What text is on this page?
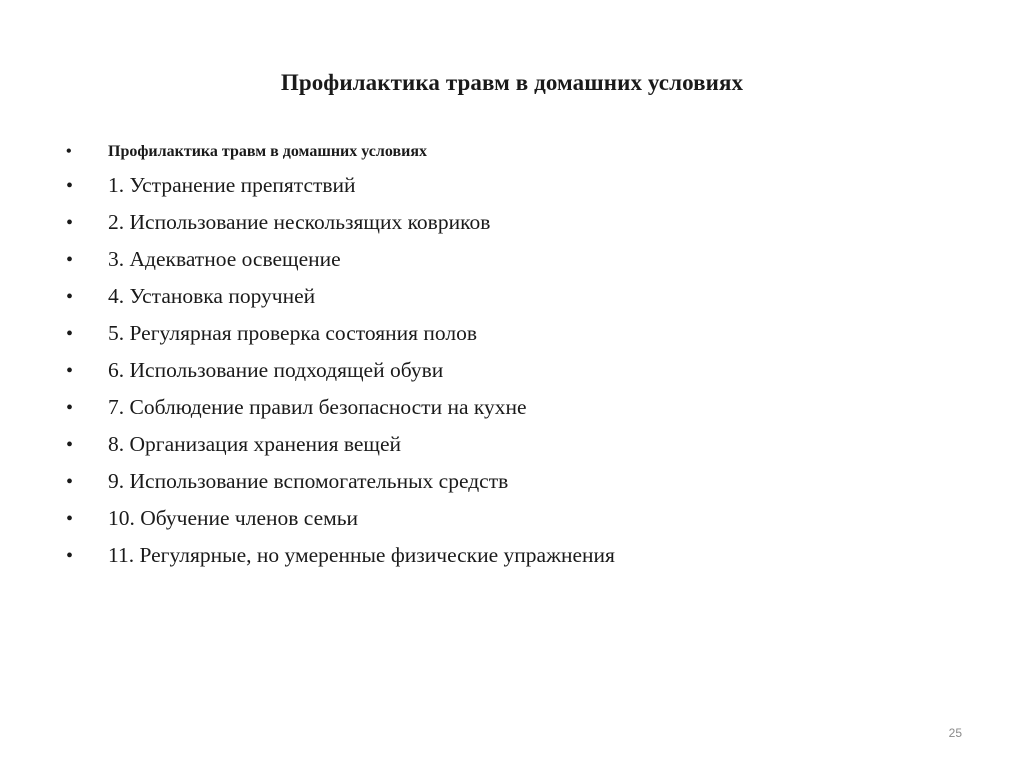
Профилактика травм в домашних условиях
•	Профилактика травм в домашних условиях
•	1. Устранение препятствий
•	2. Использование нескользящих ковриков
•	3. Адекватное освещение
•	4. Установка поручней
•	5. Регулярная проверка состояния полов
•	6. Использование подходящей обуви
•	7. Соблюдение правил безопасности на кухне
•	8. Организация хранения вещей
•	9. Использование вспомогательных средств
•	10. Обучение членов семьи
•	11. Регулярные, но умеренные физические упражнения
25
